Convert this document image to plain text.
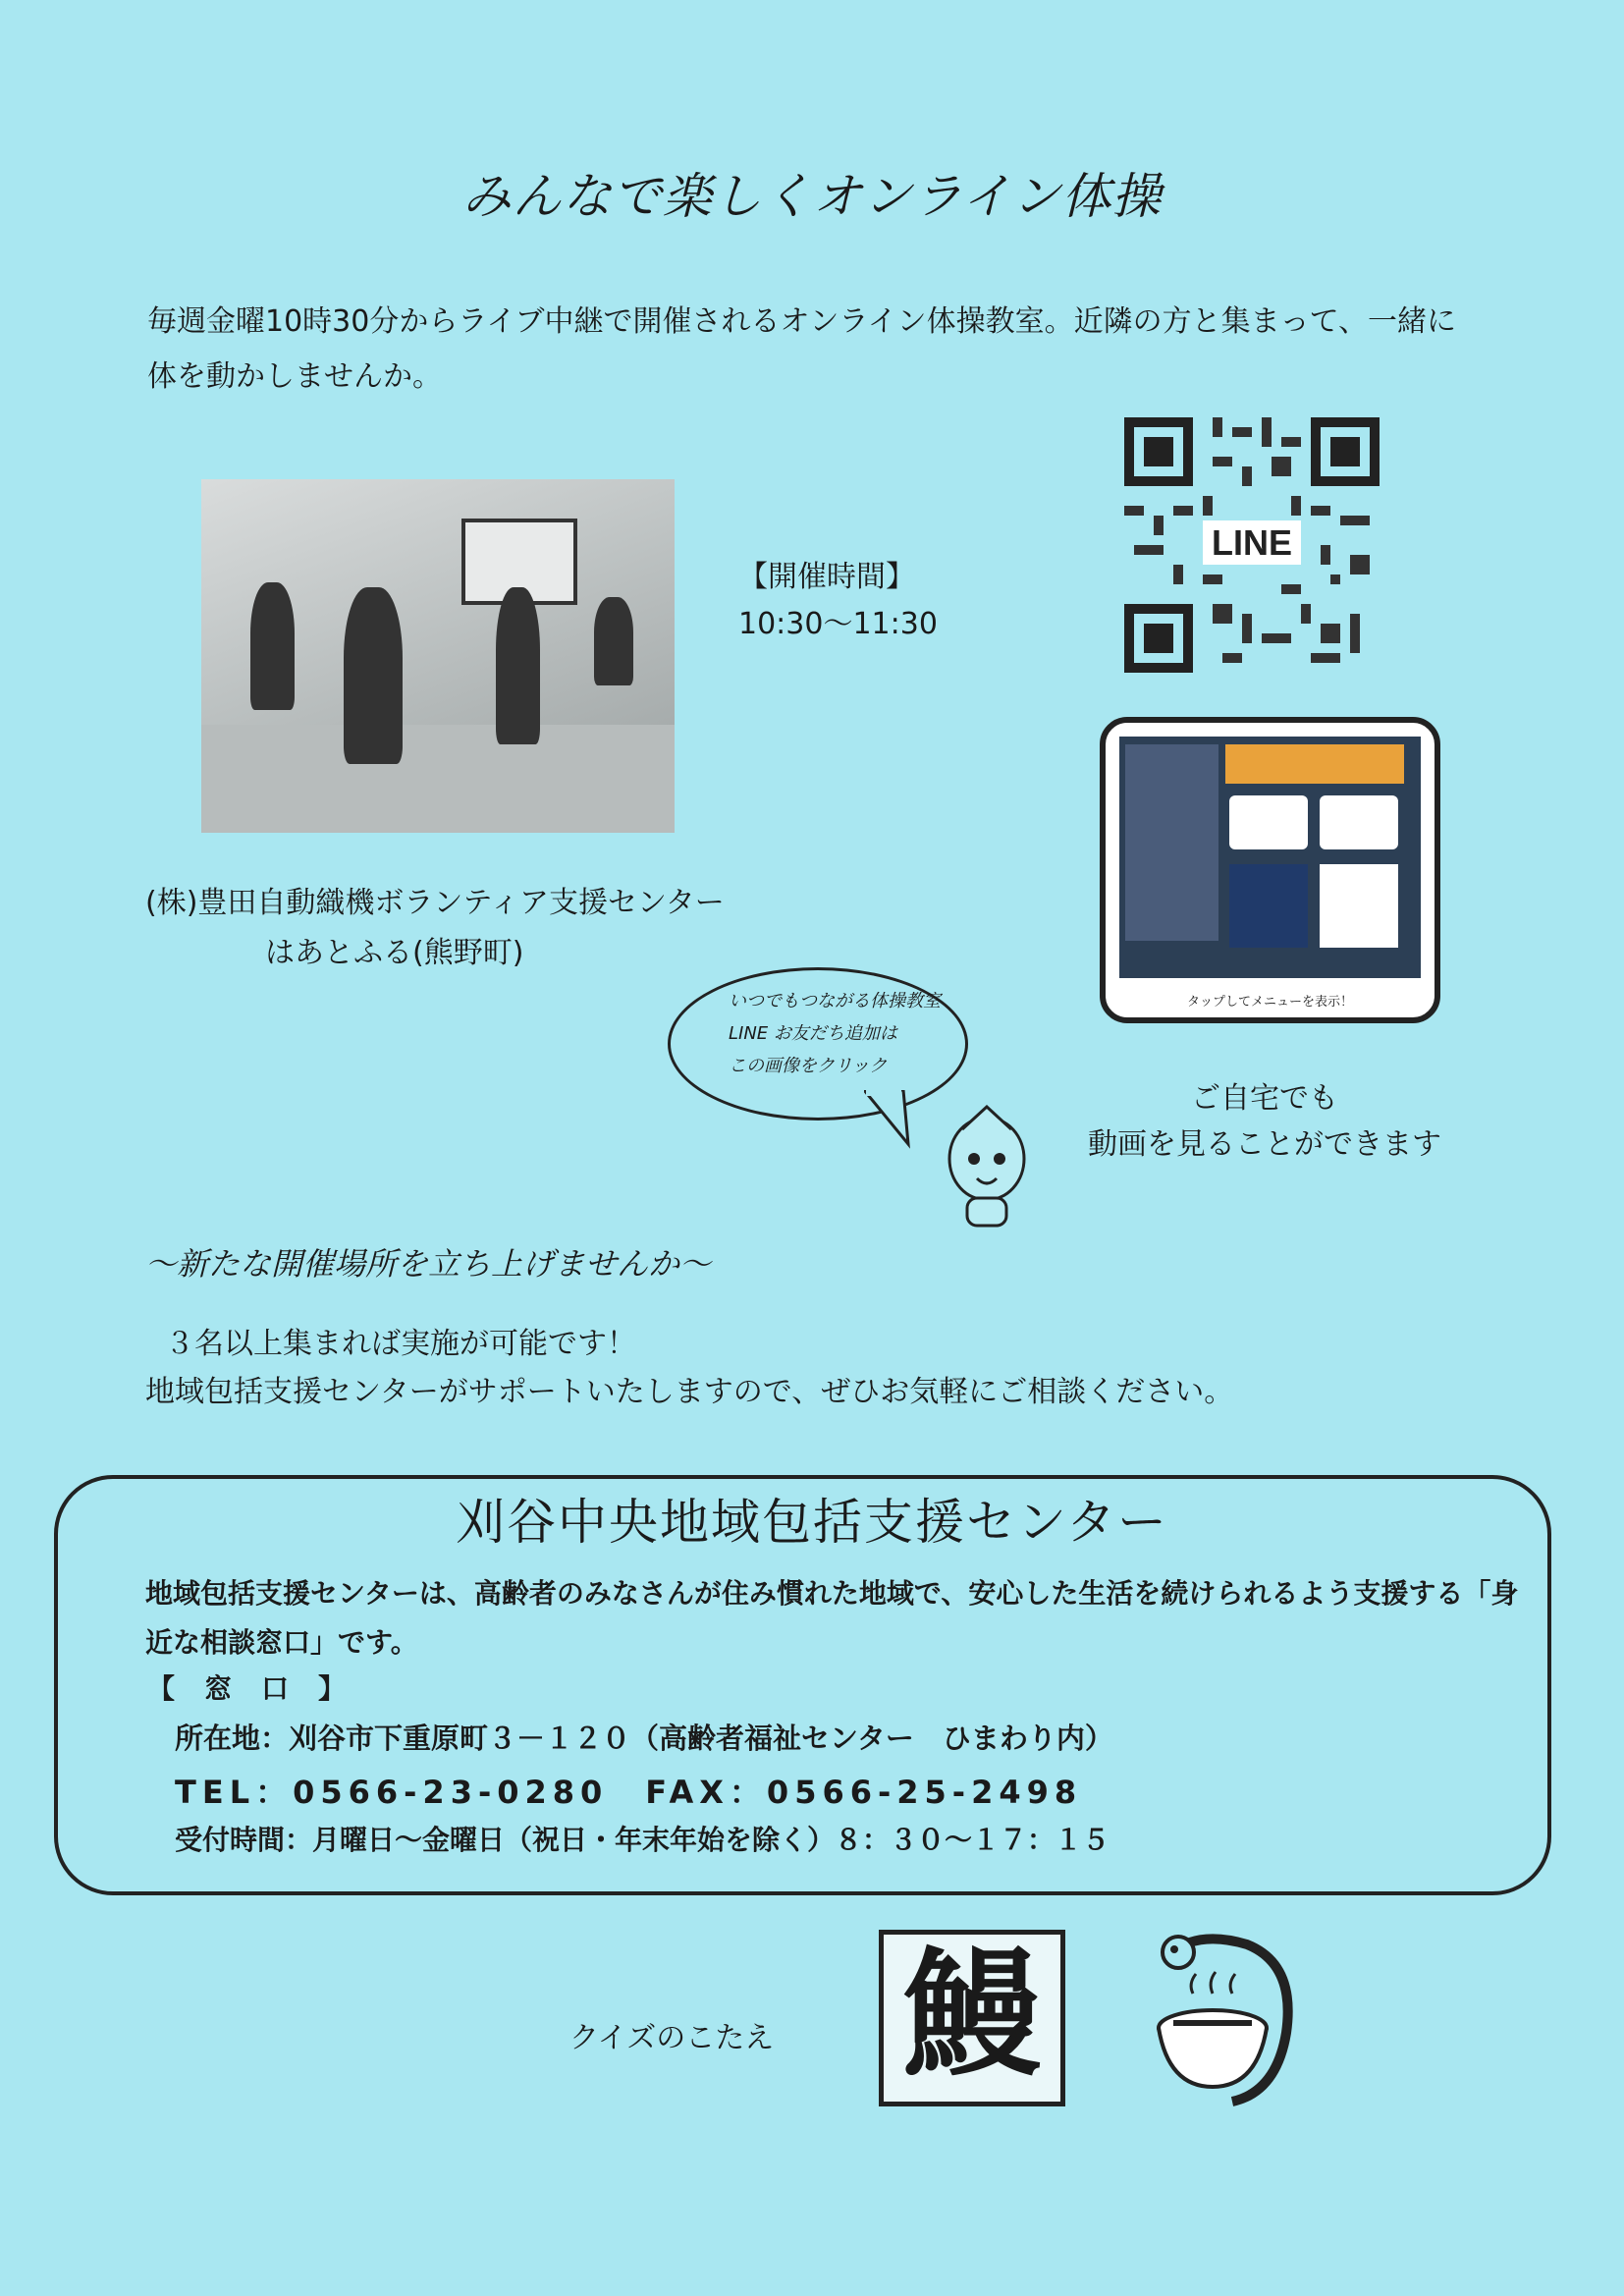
みんなで楽しくオンライン体操
毎週金曜10時30分からライブ中継で開催されるオンライン体操教室。近隣の方と集まって、一緒に体を動かしませんか。
【開催時間】
10:30～11:30
(株)豊田自動織機ボランティア支援センター
はあとふる(熊野町)
LINE
タップしてメニューを表示！
いつでもつながる体操教室
LINE お友だち追加は
この画像をクリック
ご自宅でも
動画を見ることができます
～新たな開催場所を立ち上げませんか～
３名以上集まれば実施が可能です！
地域包括支援センターがサポートいたしますので、ぜひお気軽にご相談ください。
刈谷中央地域包括支援センター
地域包括支援センターは、高齢者のみなさんが住み慣れた地域で、安心した生活を続けられるよう支援する「身近な相談窓口」です。
【窓口】
所在地：刈谷市下重原町３－１２０（高齢者福祉センター　ひまわり内）
TEL：0566-23-0280　FAX：0566-25-2498
受付時間：月曜日～金曜日（祝日・年末年始を除く）８：３０～１７：１５
クイズのこたえ 鰻
